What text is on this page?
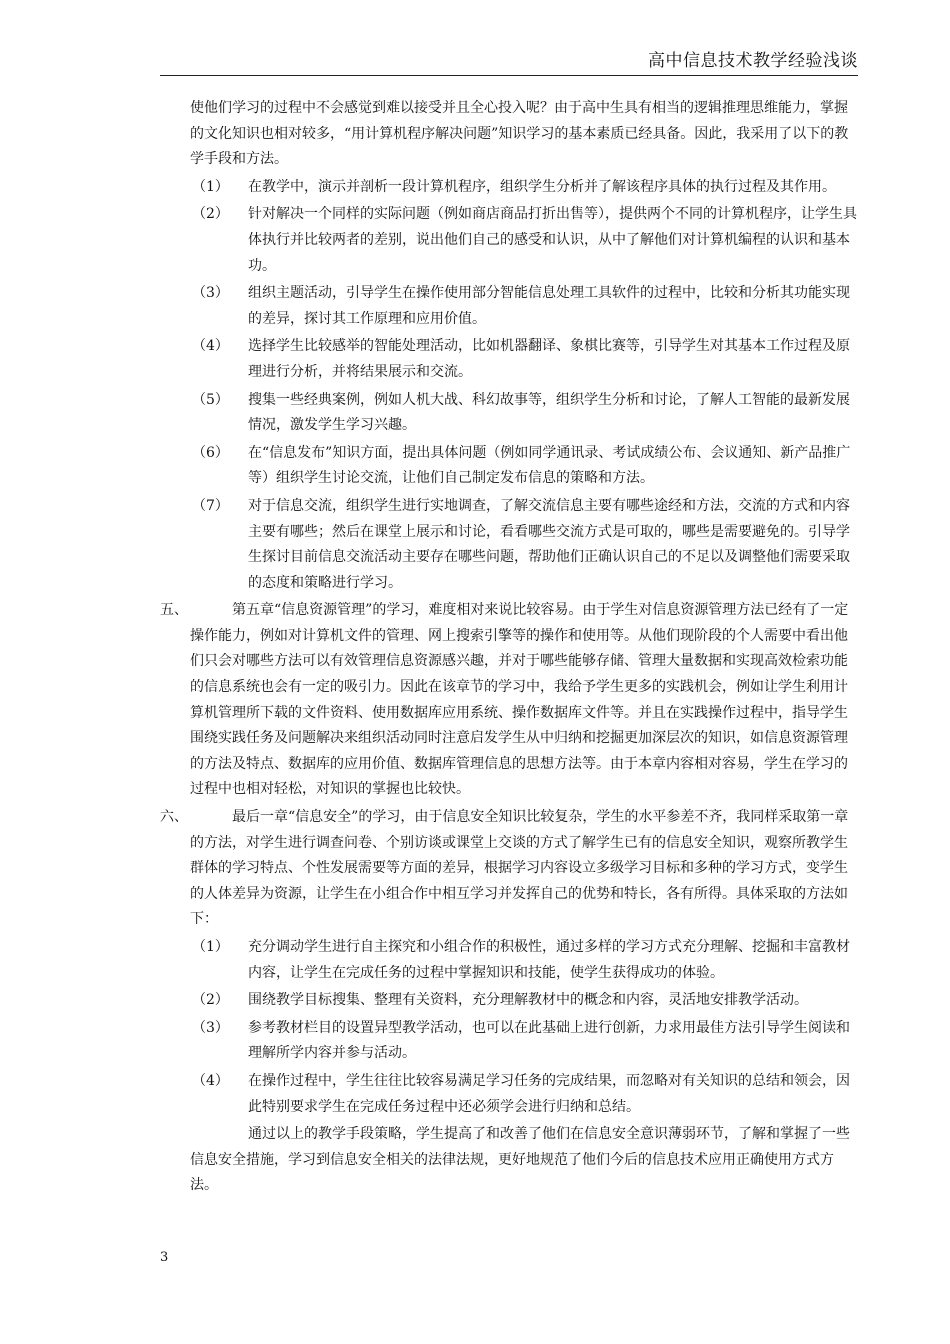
高中信息技术教学经验浅谈

使他们学习的过程中不会感觉到难以接受并且全心投入呢？由于高中生具有相当的逻辑推理思维能力，掌握的文化知识也相对较多，“用计算机程序解决问题”知识学习的基本素质已经具备。因此，我采用了以下的教学手段和方法。

（1）	在教学中，演示并剖析一段计算机程序，组织学生分析并了解该程序具体的执行过程及其作用。
（2）	针对解决一个同样的实际问题（例如商店商品打折出售等），提供两个不同的计算机程序，让学生具体执行并比较两者的差别，说出他们自己的感受和认识，从中了解他们对计算机编程的认识和基本功。
（3）	组织主题活动，引导学生在操作使用部分智能信息处理工具软件的过程中，比较和分析其功能实现的差异，探讨其工作原理和应用价值。
（4）	选择学生比较感举的智能处理活动，比如机器翻译、象棋比赛等，引导学生对其基本工作过程及原理进行分析，并将结果展示和交流。
（5）	搜集一些经典案例，例如人机大战、科幻故事等，组织学生分析和讨论，了解人工智能的最新发展情况，激发学生学习兴趣。
（6）	在“信息发布”知识方面，提出具体问题（例如同学通讯录、考试成绩公布、会议通知、新产品推广等）组织学生讨论交流，让他们自己制定发布信息的策略和方法。
（7）	对于信息交流，组织学生进行实地调查，了解交流信息主要有哪些途经和方法，交流的方式和内容主要有哪些；然后在课堂上展示和讨论，看看哪些交流方式是可取的，哪些是需要避免的。引导学生探讨目前信息交流活动主要存在哪些问题，帮助他们正确认识自己的不足以及调整他们需要采取的态度和策略进行学习。
五、	第五章“信息资源管理”的学习，难度相对来说比较容易。由于学生对信息资源管理方法已经有了一定操作能力，例如对计算机文件的管理、网上搜索引擎等的操作和使用等。从他们现阶段的个人需要中看出他们只会对哪些方法可以有效管理信息资源感兴趣，并对于哪些能够存储、管理大量数据和实现高效检索功能的信息系统也会有一定的吸引力。因此在该章节的学习中，我给予学生更多的实践机会，例如让学生利用计算机管理所下载的文件资料、使用数据库应用系统、操作数据库文件等。并且在实践操作过程中，指导学生围绕实践任务及问题解决来组织活动同时注意启发学生从中归纳和挖掘更加深层次的知识，如信息资源管理的方法及特点、数据库的应用价值、数据库管理信息的思想方法等。由于本章内容相对容易，学生在学习的过程中也相对轻松，对知识的掌握也比较快。
六、	最后一章“信息安全”的学习，由于信息安全知识比较复杂，学生的水平参差不齐，我同样采取第一章的方法，对学生进行调查问卷、个别访谈或课堂上交谈的方式了解学生已有的信息安全知识，观察所教学生群体的学习特点、个性发展需要等方面的差异，根据学习内容设立多级学习目标和多种的学习方式，变学生的人体差异为资源，让学生在小组合作中相互学习并发挥自己的优势和特长，各有所得。具体采取的方法如下：
（1）	充分调动学生进行自主探究和小组合作的积极性，通过多样的学习方式充分理解、挖掘和丰富教材内容，让学生在完成任务的过程中掌握知识和技能，使学生获得成功的体验。
（2）	围绕教学目标搜集、整理有关资料，充分理解教材中的概念和内容，灵活地安排教学活动。
（3）	参考教材栏目的设置异型教学活动，也可以在此基础上进行创新，力求用最佳方法引导学生阅读和理解所学内容并参与活动。
（4）	在操作过程中，学生往往比较容易满足学习任务的完成结果，而忽略对有关知识的总结和领会，因此特别要求学生在完成任务过程中还必须学会进行归纳和总结。

通过以上的教学手段策略，学生提高了和改善了他们在信息安全意识薄弱环节，了解和掌握了一些信息安全措施，学习到信息安全相关的法律法规，更好地规范了他们今后的信息技术应用正确使用方式方法。

3
